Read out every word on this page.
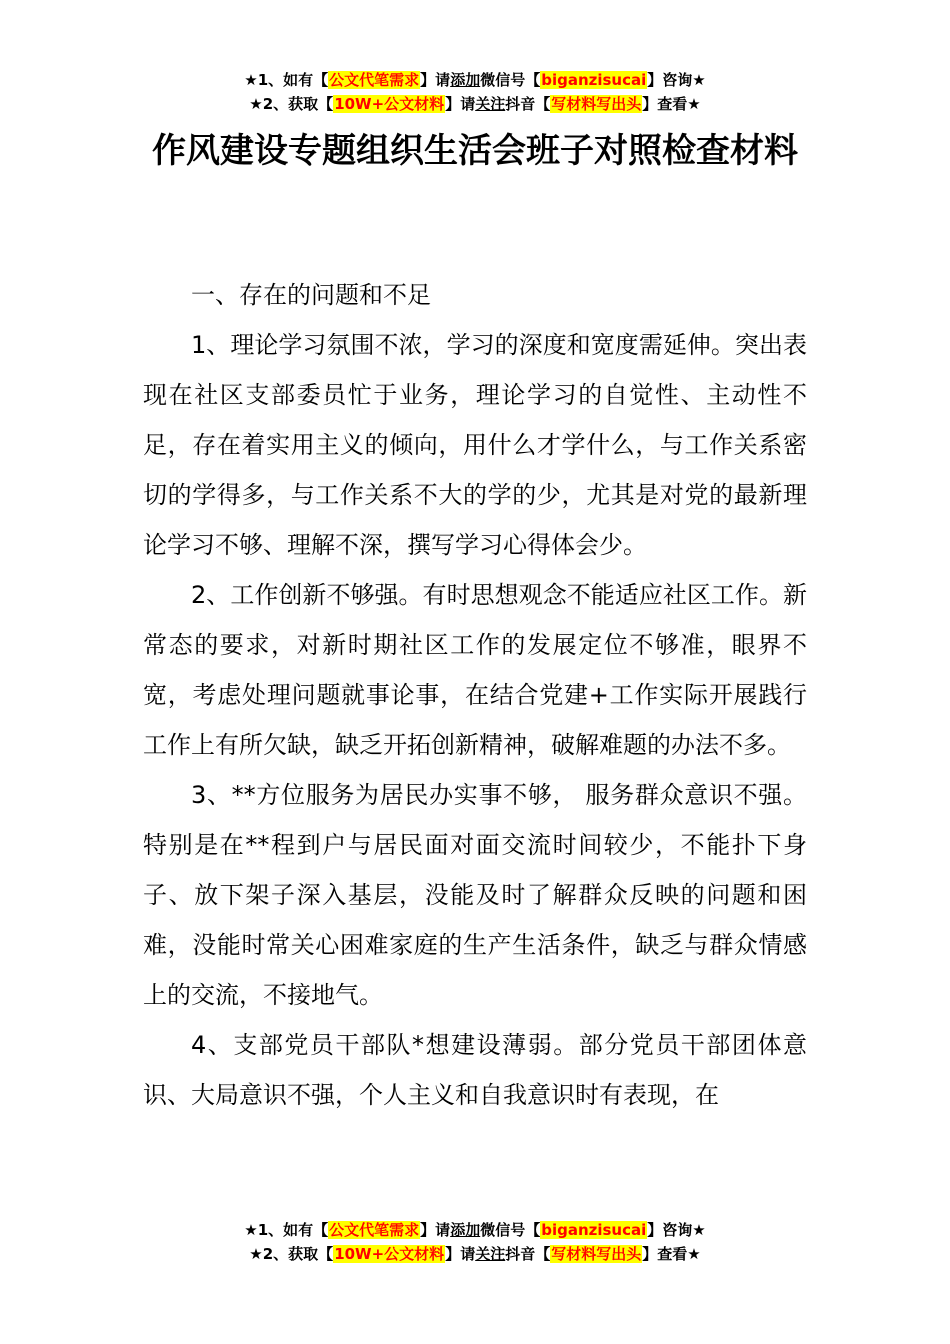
★1、如有【公文代笔需求】请添加微信号【biganzisucai】咨询★
★2、获取【10W+公文材料】请关注抖音【写材料写出头】查看★
作风建设专题组织生活会班子对照检查材料

一、存在的问题和不足

1、理论学习氛围不浓，学习的深度和宽度需延伸。突出表现在社区支部委员忙于业务，理论学习的自觉性、主动性不足，存在着实用主义的倾向，用什么才学什么，与工作关系密切的学得多，与工作关系不大的学的少，尤其是对党的最新理论学习不够、理解不深，撰写学习心得体会少。

2、工作创新不够强。有时思想观念不能适应社区工作。新常态的要求，对新时期社区工作的发展定位不够准，眼界不宽，考虑处理问题就事论事，在结合党建+工作实际开展践行工作上有所欠缺，缺乏开拓创新精神，破解难题的办法不多。

3、**方位服务为居民办实事不够， 服务群众意识不强。特别是在**程到户与居民面对面交流时间较少，不能扑下身子、放下架子深入基层，没能及时了解群众反映的问题和困难，没能时常关心困难家庭的生产生活条件，缺乏与群众情感上的交流，不接地气。

4、支部党员干部队*想建设薄弱。部分党员干部团体意识、大局意识不强，个人主义和自我意识时有表现，在

★1、如有【公文代笔需求】请添加微信号【biganzisucai】咨询★
★2、获取【10W+公文材料】请关注抖音【写材料写出头】查看★
